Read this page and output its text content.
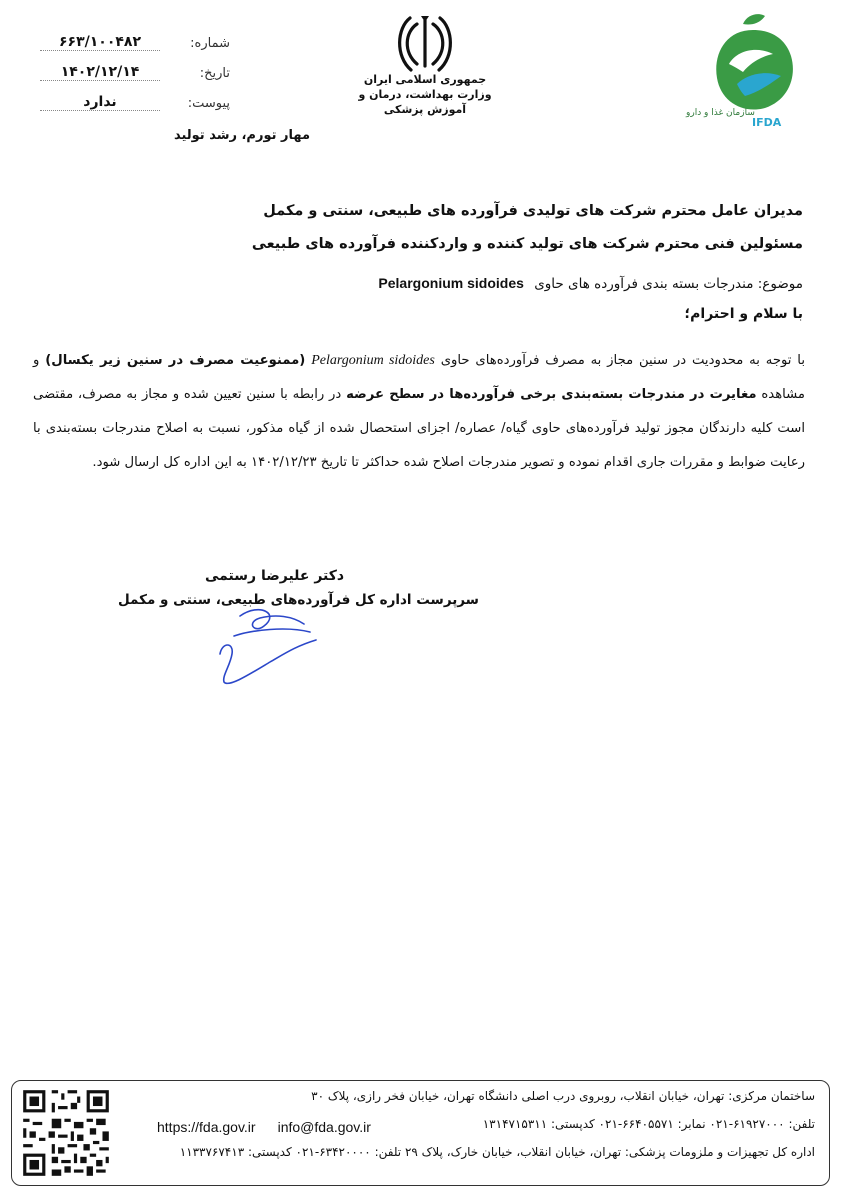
شماره:
۶۶۳/۱۰۰۴۸۲
تاریخ:
۱۴۰۲/۱۲/۱۴
پیوست:
ندارد
مهار تورم، رشد تولید
جمهوری اسلامی ایران
وزارت بهداشت، درمان و آموزش پزشکی	سازمان غذا و دارو
IFDA
مدیران عامل محترم شرکت های تولیدی فرآورده های طبیعی، سنتی و مکمل
مسئولین فنی محترم شرکت های تولید کننده و واردکننده فرآورده های طبیعی
موضوع: مندرجات بسته بندی فرآورده های حاوی Pelargonium sidoides
با سلام و احترام؛
با توجه به محدودیت در سنین مجاز به مصرف فرآورده‌های حاوی Pelargonium sidoides (ممنوعیت مصرف در سنین زیر یکسال) و مشاهده مغایرت در مندرجات بسته‌بندی برخی فرآورده‌ها در سطح عرضه در رابطه با سنین تعیین شده و مجاز به مصرف، مقتضی است کلیه دارندگان مجوز تولید فرآورده‌های حاوی گیاه/ عصاره/ اجزای استحصال شده از گیاه مذکور، نسبت به اصلاح مندرجات بسته‌بندی با رعایت ضوابط و مقررات جاری اقدام نموده و تصویر مندرجات اصلاح شده حداکثر تا تاریخ ۱۴۰۲/۱۲/۲۳ به این اداره کل ارسال شود.
دکتر علیرضا رستمی
سرپرست اداره کل فرآورده‌های طبیعی، سنتی و مکمل
ساختمان مرکزی: تهران، خیابان انقلاب، روبروی درب اصلی دانشگاه تهران، خیابان فخر رازی، پلاک ۳۰
تلفن: ۶۱۹۲۷۰۰۰-۰۲۱ نمابر: ۶۶۴۰۵۵۷۱-۰۲۱ کدپستی: ۱۳۱۴۷۱۵۳۱۱
https://fda.gov.ir info@fda.gov.ir
اداره کل تجهیزات و ملزومات پزشکی: تهران، خیابان انقلاب، خیابان خارک، پلاک ۲۹ تلفن: ۶۳۴۲۰۰۰۰-۰۲۱ کدپستی: ۱۱۳۳۷۶۷۴۱۳
